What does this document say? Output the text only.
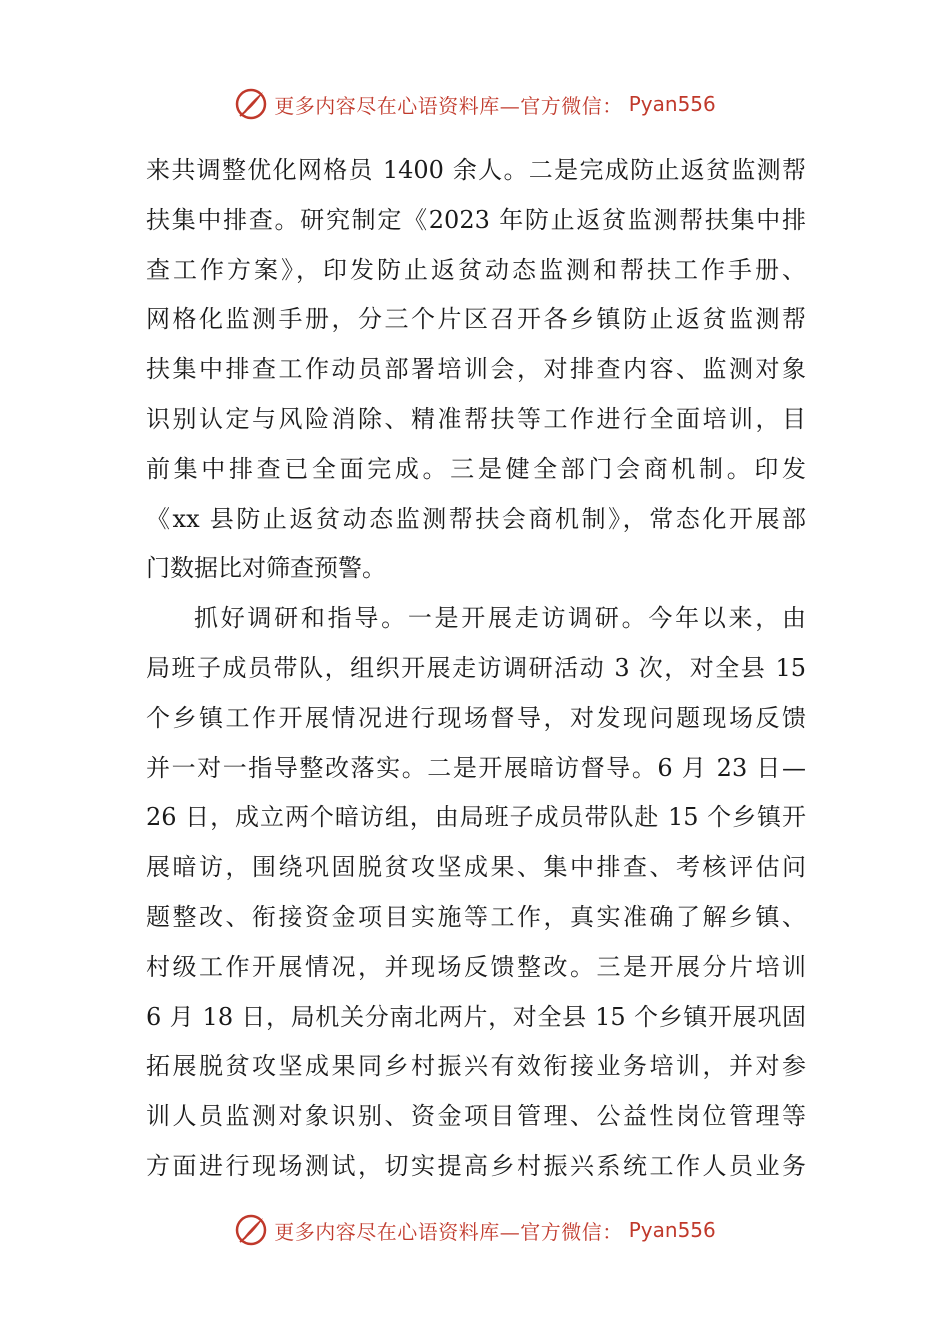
更多内容尽在心语资料库—官方微信： Pyan556
来共调整优化网格员 1400 余人。二是完成防止返贫监测帮
扶集中排查。研究制定《2023 年防止返贫监测帮扶集中排
查工作方案》，印发防止返贫动态监测和帮扶工作手册、
网格化监测手册，分三个片区召开各乡镇防止返贫监测帮
扶集中排查工作动员部署培训会，对排查内容、监测对象
识别认定与风险消除、精准帮扶等工作进行全面培训，目
前集中排查已全面完成。三是健全部门会商机制。印发
《xx 县防止返贫动态监测帮扶会商机制》，常态化开展部
门数据比对筛查预警。
抓好调研和指导。一是开展走访调研。今年以来，由
局班子成员带队，组织开展走访调研活动 3 次，对全县 15
个乡镇工作开展情况进行现场督导，对发现问题现场反馈
并一对一指导整改落实。二是开展暗访督导。6 月 23 日—
26 日，成立两个暗访组，由局班子成员带队赴 15 个乡镇开
展暗访，围绕巩固脱贫攻坚成果、集中排查、考核评估问
题整改、衔接资金项目实施等工作，真实准确了解乡镇、
村级工作开展情况，并现场反馈整改。三是开展分片培训
6 月 18 日，局机关分南北两片，对全县 15 个乡镇开展巩固
拓展脱贫攻坚成果同乡村振兴有效衔接业务培训，并对参
训人员监测对象识别、资金项目管理、公益性岗位管理等
方面进行现场测试，切实提高乡村振兴系统工作人员业务
更多内容尽在心语资料库—官方微信： Pyan556
